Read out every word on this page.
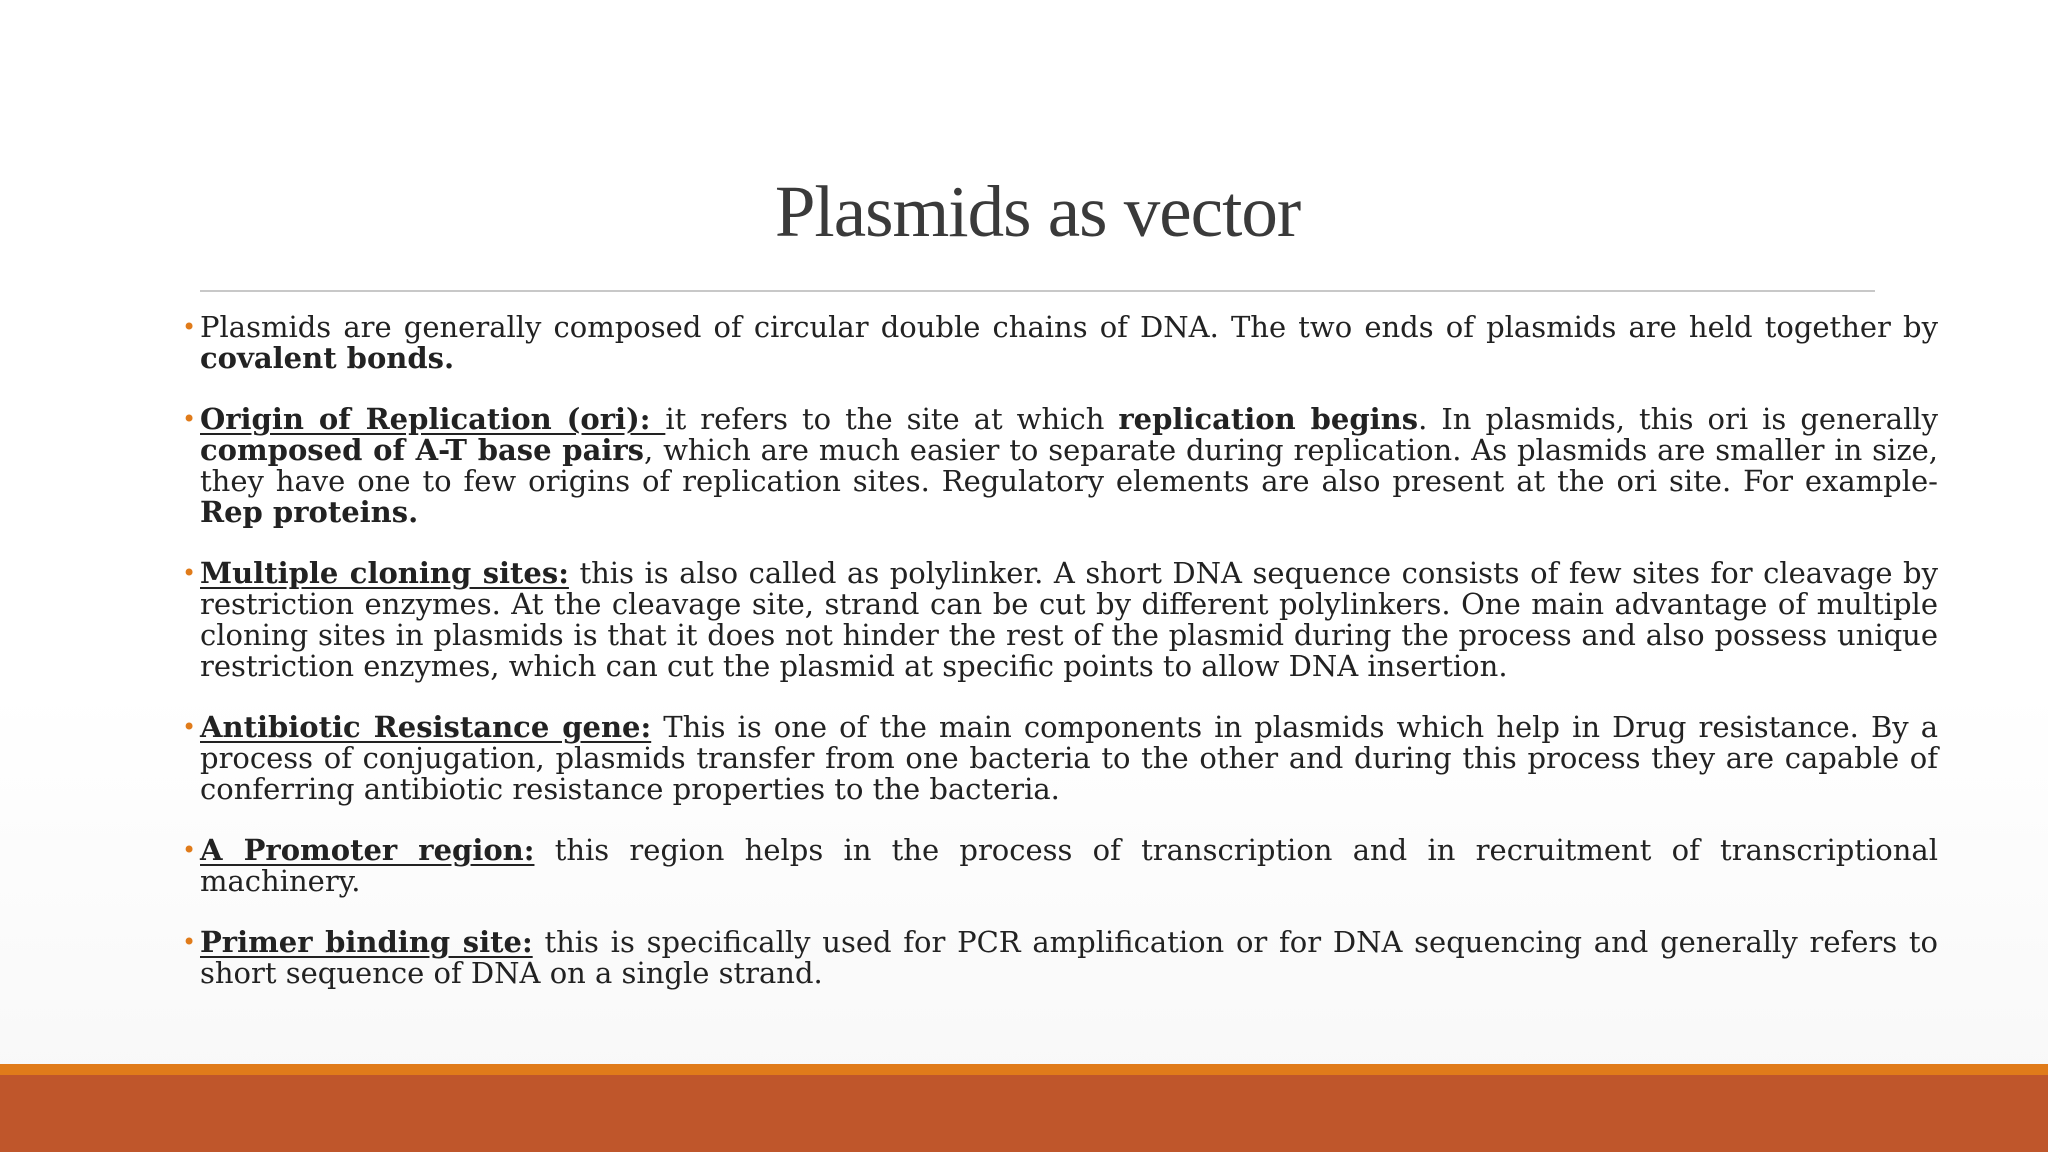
Plasmids as vector
• Plasmids are generally composed of circular double chains of DNA. The two ends of plasmids are held together by covalent bonds.
• Origin of Replication (ori): it refers to the site at which replication begins. In plasmids, this ori is generally composed of A-T base pairs, which are much easier to separate during replication. As plasmids are smaller in size, they have one to few origins of replication sites. Regulatory elements are also present at the ori site. For example- Rep proteins.
• Multiple cloning sites: this is also called as polylinker. A short DNA sequence consists of few sites for cleavage by restriction enzymes. At the cleavage site, strand can be cut by different polylinkers. One main advantage of multiple cloning sites in plasmids is that it does not hinder the rest of the plasmid during the process and also possess unique restriction enzymes, which can cut the plasmid at specific points to allow DNA insertion.
• Antibiotic Resistance gene: This is one of the main components in plasmids which help in Drug resistance. By a process of conjugation, plasmids transfer from one bacteria to the other and during this process they are capable of conferring antibiotic resistance properties to the bacteria.
• A Promoter region: this region helps in the process of transcription and in recruitment of transcriptional machinery.
• Primer binding site: this is specifically used for PCR amplification or for DNA sequencing and generally refers to short sequence of DNA on a single strand.
